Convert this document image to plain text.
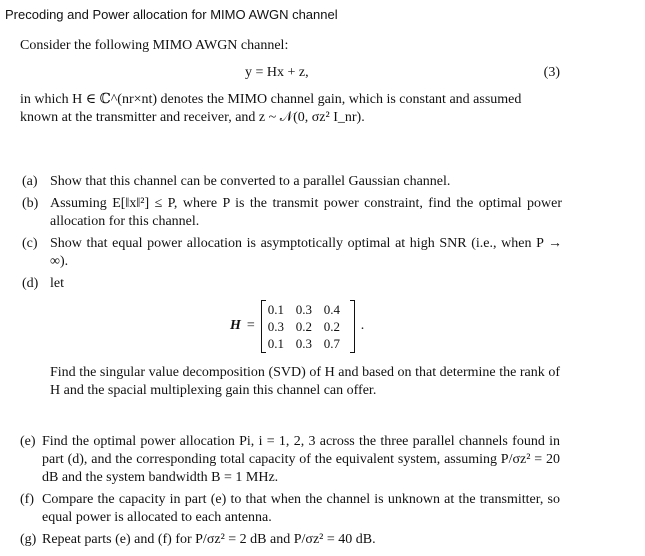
Precoding and Power allocation for MIMO AWGN channel
Consider the following MIMO AWGN channel:
y = Hx + z,	(3)
in which H ∈ ℂ^(nr×nt) denotes the MIMO channel gain, which is constant and assumed known at the transmitter and receiver, and z ~ 𝒩(0, σz² I_nr).
(a) Show that this channel can be converted to a parallel Gaussian channel.
(b) Assuming E[‖x‖²] ≤ P, where P is the transmit power constraint, find the optimal power allocation for this channel.
(c) Show that equal power allocation is asymptotically optimal at high SNR (i.e., when P → ∞).
(d) let
H =
0.1 0.3 0.4
0.3 0.2 0.2
0.1 0.3 0.7
.
Find the singular value decomposition (SVD) of H and based on that determine the rank of H and the spacial multiplexing gain this channel can offer.
(e) Find the optimal power allocation Pi, i = 1, 2, 3 across the three parallel channels found in part (d), and the corresponding total capacity of the equivalent system, assuming P/σz² = 20 dB and the system bandwidth B = 1 MHz.
(f) Compare the capacity in part (e) to that when the channel is unknown at the transmitter, so equal power is allocated to each antenna.
(g) Repeat parts (e) and (f) for P/σz² = 2 dB and P/σz² = 40 dB.
